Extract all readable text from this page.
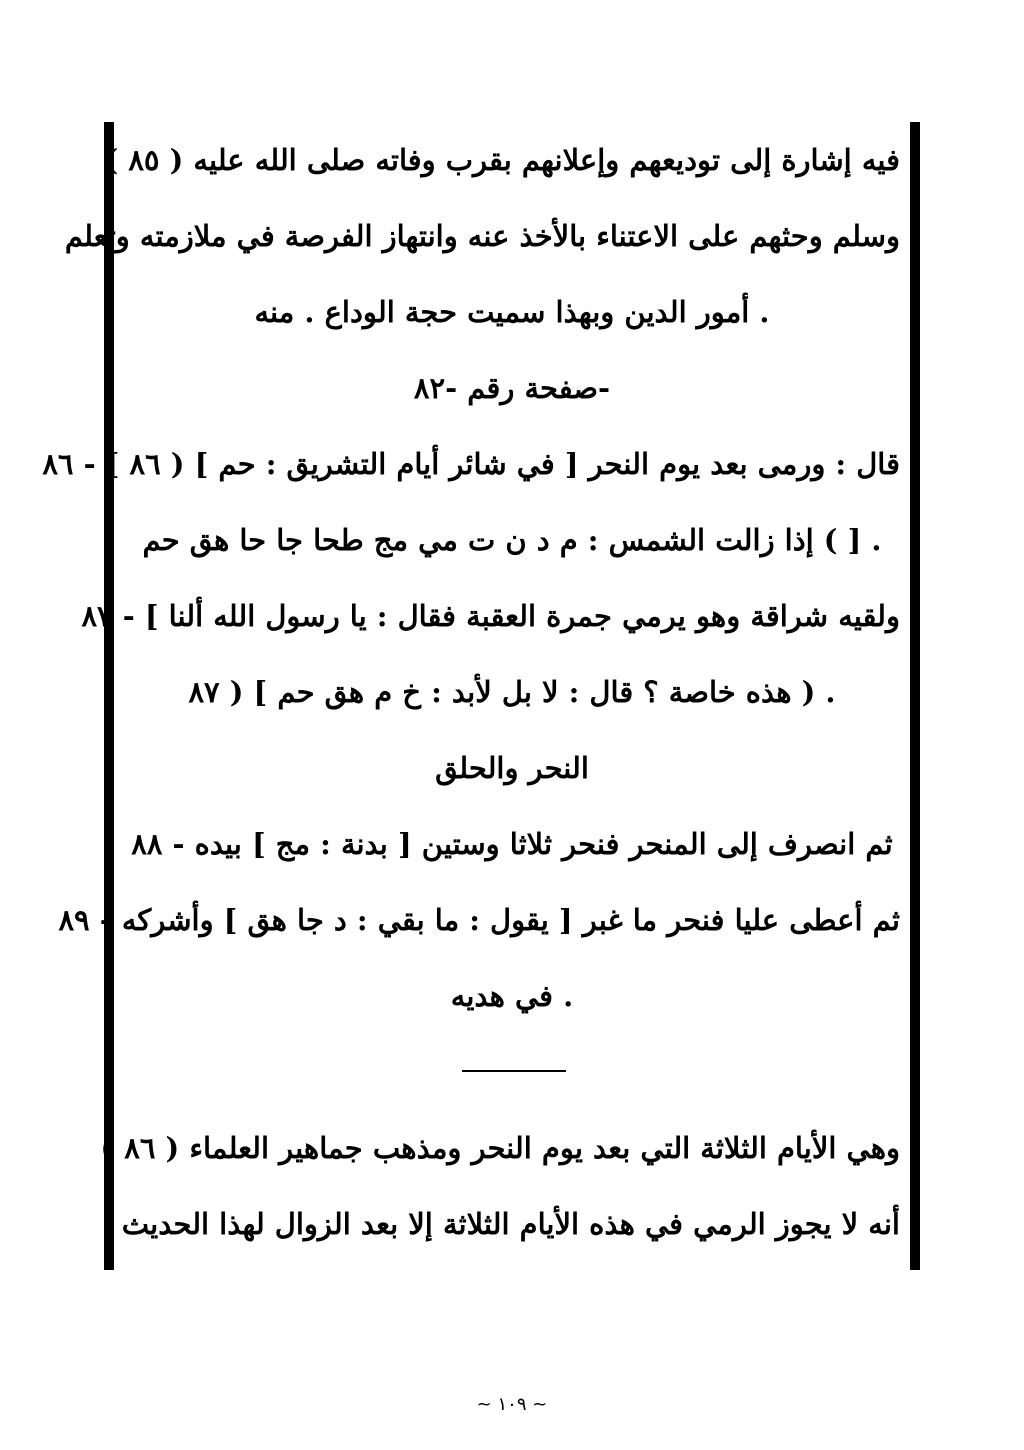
فيه إشارة إلى توديعهم وإعلانهم بقرب وفاته صلى الله عليه ( ٨٥ )
وسلم وحثهم على الاعتناء بالأخذ عنه وانتهاز الفرصة في ملازمته وتعلم
. أمور الدين وبهذا سميت حجة الوداع . منه
-صفحة رقم -٨٢
قال : ورمى بعد يوم النحر [ في شائر أيام التشريق : حم ] ( ٨٦ ] - ٨٦
. [ ) إذا زالت الشمس : م د ن ت مي مج طحا جا حا هق حم
ولقيه شراقة وهو يرمي جمرة العقبة فقال : يا رسول الله ألنا ] - ٨٧
. ( هذه خاصة ؟ قال : لا بل لأبد : خ م هق حم ] ( ٨٧
النحر والحلق
ثم انصرف إلى المنحر فنحر ثلاثا وستين [ بدنة : مج ] بيده - ٨٨
ثم أعطى عليا فنحر ما غبر [ يقول : ما بقي : د جا هق ] وأشركه - ٨٩
. في هديه
وهي الأيام الثلاثة التي بعد يوم النحر ومذهب جماهير العلماء ( ٨٦ )
أنه لا يجوز الرمي في هذه الأيام الثلاثة إلا بعد الزوال لهذا الحديث
~ ١٠٩ ~
